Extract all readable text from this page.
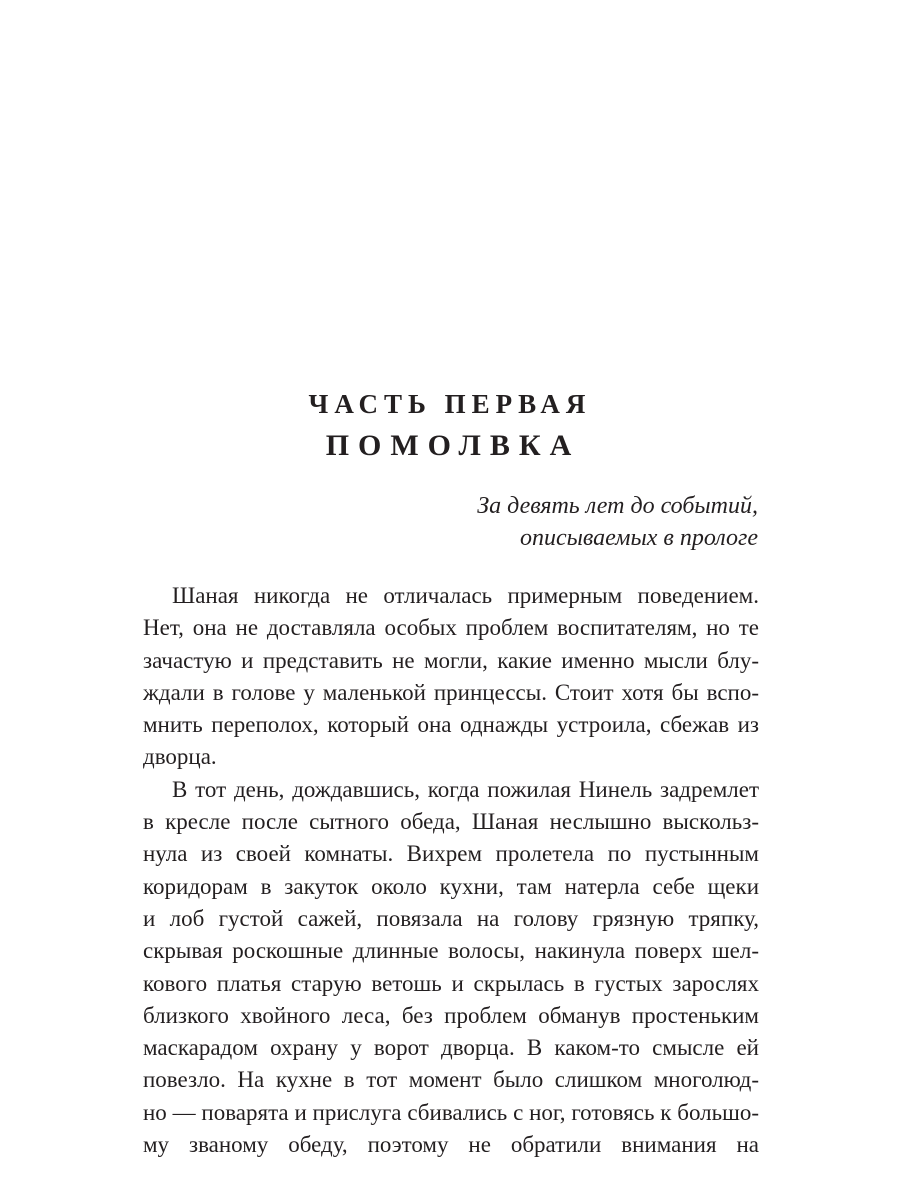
ЧАСТЬ ПЕРВАЯ
ПОМОЛВКА
За девять лет до событий,
описываемых в прологе

Шаная никогда не отличалась примерным поведением.
Нет, она не доставляла особых проблем воспитателям, но те
зачастую и представить не могли, какие именно мысли блу-
ждали в голове у маленькой принцессы. Стоит хотя бы вспо-
мнить переполох, который она однажды устроила, сбежав из
дворца.

В тот день, дождавшись, когда пожилая Нинель задремлет
в кресле после сытного обеда, Шаная неслышно выскольз-
нула из своей комнаты. Вихрем пролетела по пустынным
коридорам в закуток около кухни, там натерла себе щеки
и лоб густой сажей, повязала на голову грязную тряпку,
скрывая роскошные длинные волосы, накинула поверх шел-
кового платья старую ветошь и скрылась в густых зарослях
близкого хвойного леса, без проблем обманув простеньким
маскарадом охрану у ворот дворца. В каком-то смысле ей
повезло. На кухне в тот момент было слишком многолюд-
но — поварята и прислуга сбивались с ног, готовясь к большо-
му званому обеду, поэтому не обратили внимания на
